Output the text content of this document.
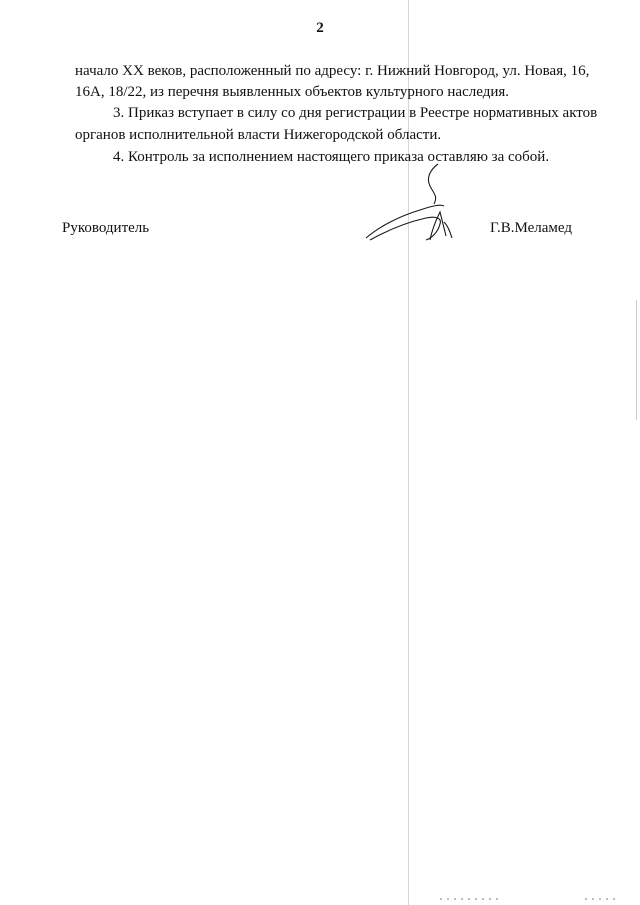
2
начало XX веков, расположенный по адресу: г. Нижний Новгород, ул. Новая, 16,
16А, 18/22, из перечня выявленных объектов культурного наследия.
3. Приказ вступает в силу со дня регистрации в Реестре нормативных актов
органов исполнительной власти Нижегородской области.
4. Контроль за исполнением настоящего приказа оставляю за собой.
Руководитель	Г.В.Меламед
